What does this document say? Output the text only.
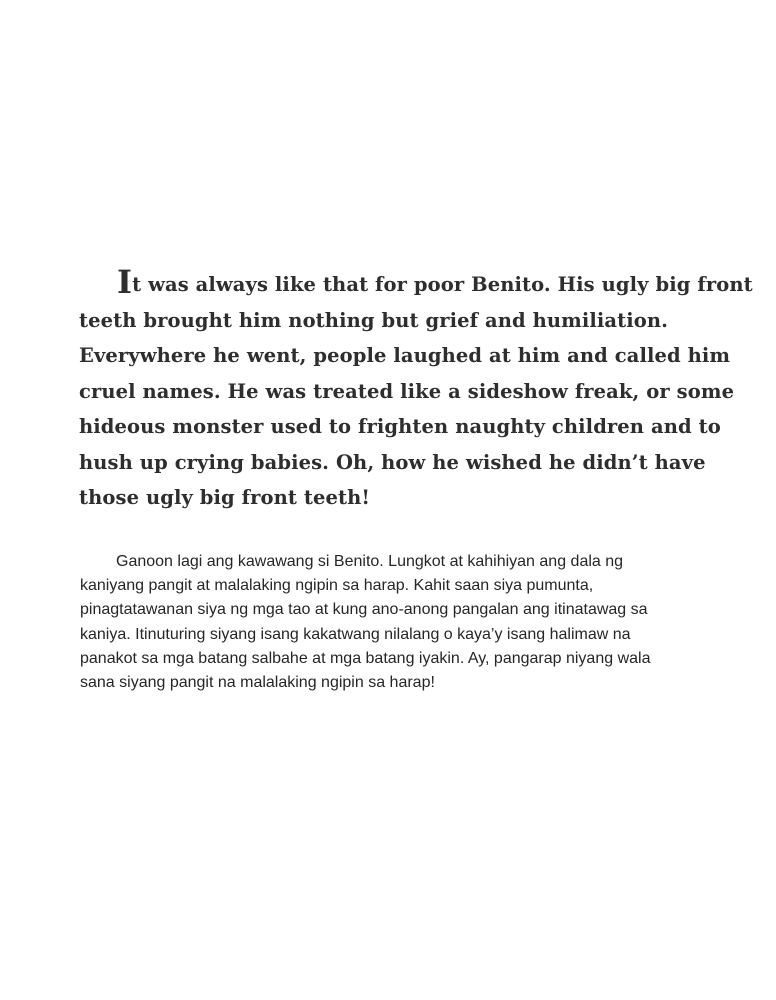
It was always like that for poor Benito. His ugly big front
teeth brought him nothing but grief and humiliation.
Everywhere he went, people laughed at him and called him
cruel names. He was treated like a sideshow freak, or some
hideous monster used to frighten naughty children and to
hush up crying babies. Oh, how he wished he didn’t have
those ugly big front teeth!

Ganoon lagi ang kawawang si Benito. Lungkot at kahihiyan ang dala ng
kaniyang pangit at malalaking ngipin sa harap. Kahit saan siya pumunta,
pinagtatawanan siya ng mga tao at kung ano-anong pangalan ang itinatawag sa
kaniya. Itinuturing siyang isang kakatwang nilalang o kaya’y isang halimaw na
panakot sa mga batang salbahe at mga batang iyakin. Ay, pangarap niyang wala
sana siyang pangit na malalaking ngipin sa harap!
